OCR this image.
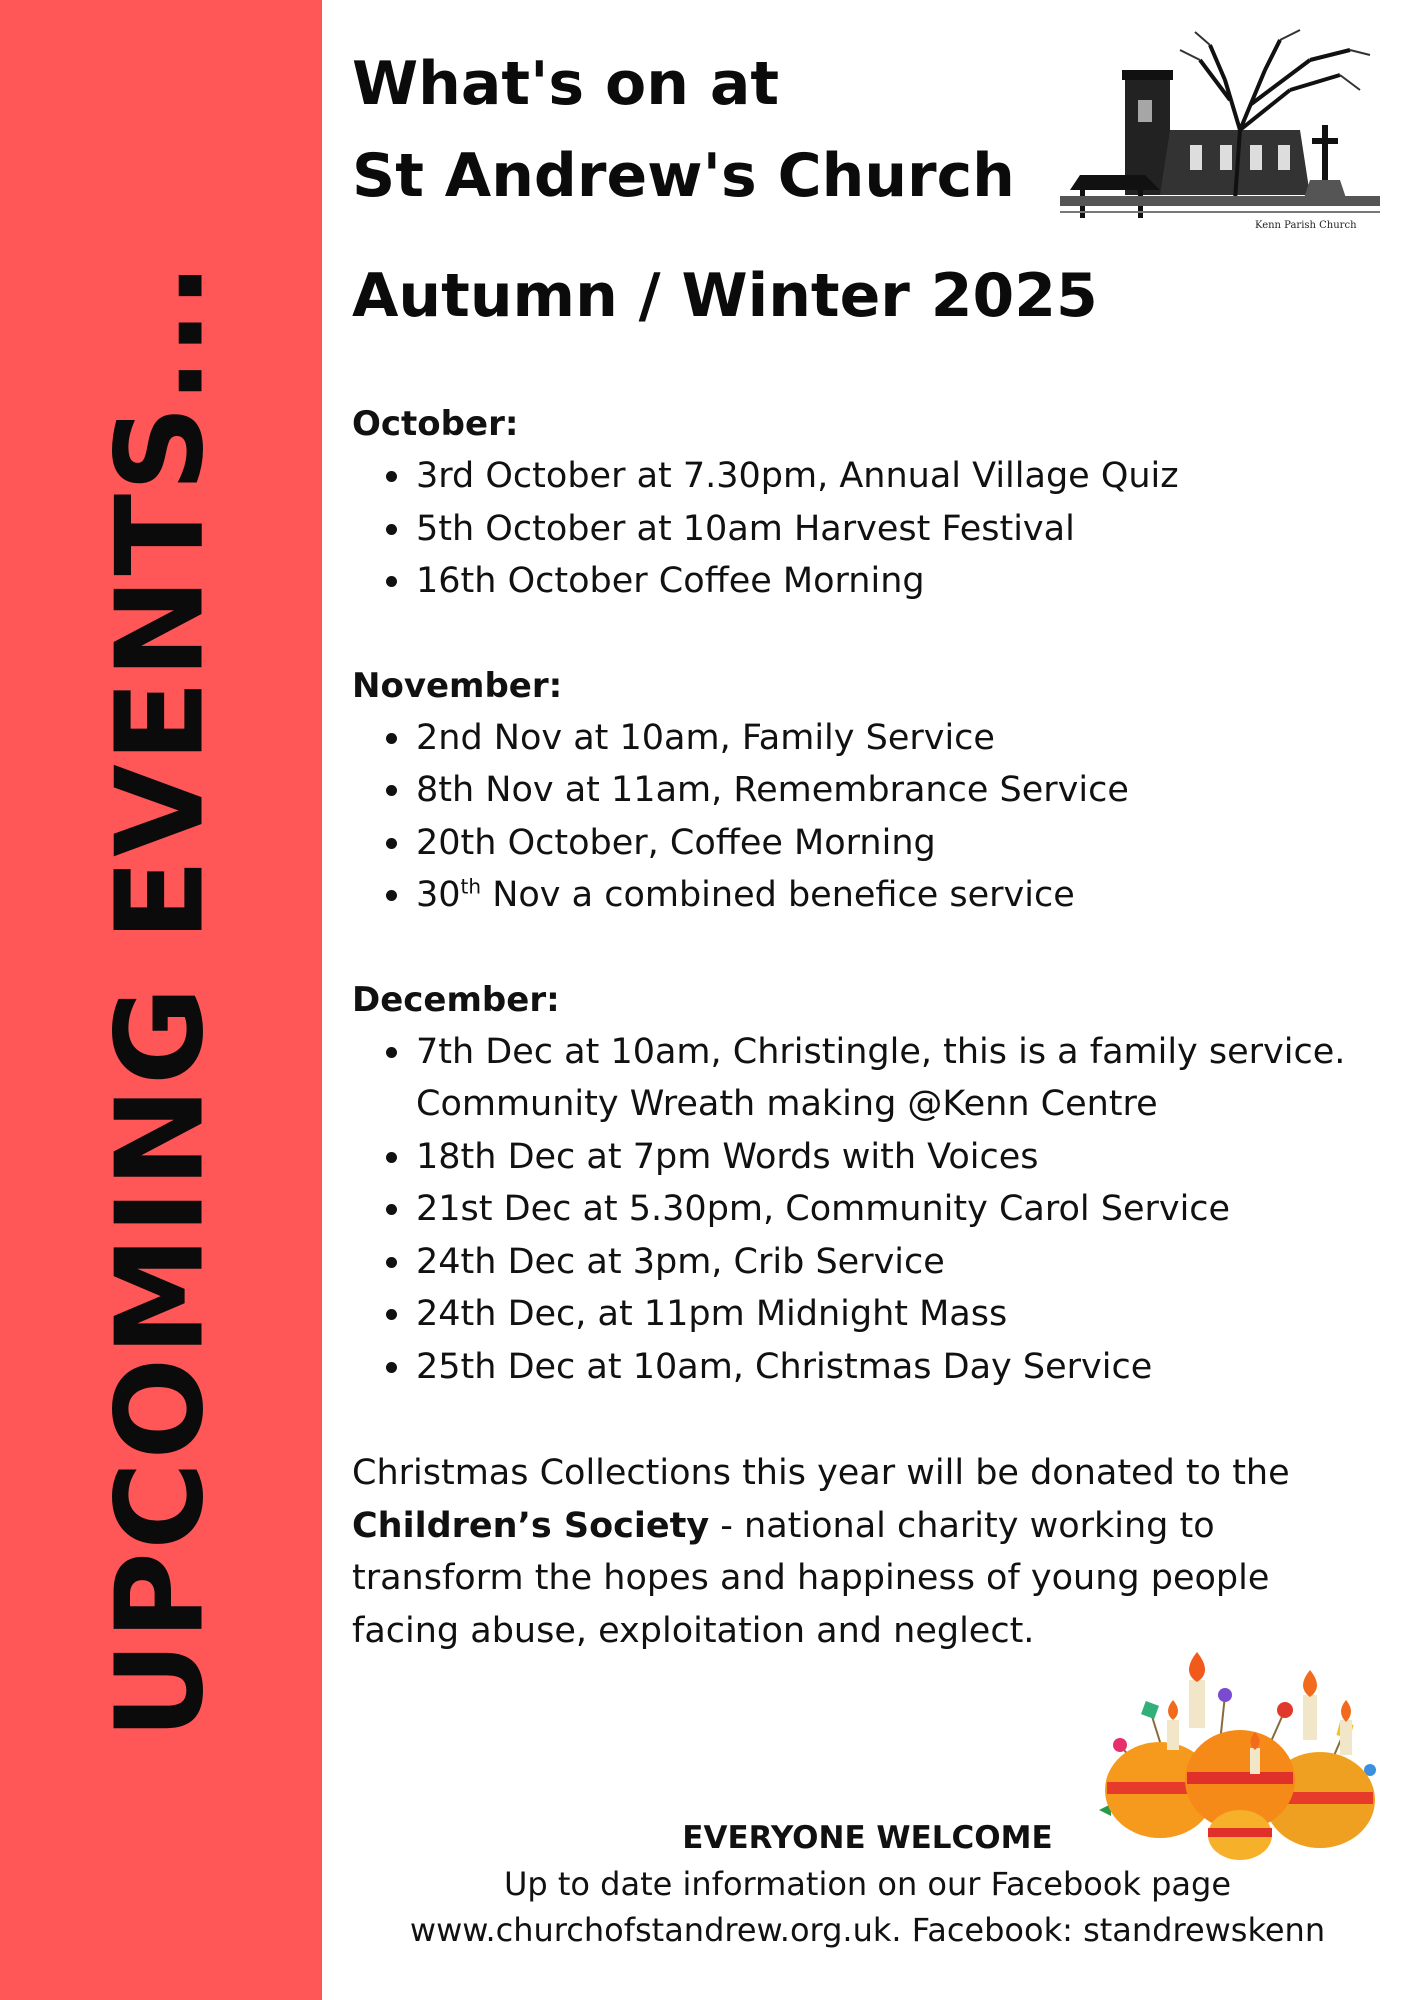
UPCOMING EVENTS...
What's on at
St Andrew's Church
Kenn Parish Church
Autumn / Winter 2025
October:
3rd October at 7.30pm, Annual Village Quiz
5th October at 10am Harvest Festival
16th October Coffee Morning
November:
2nd Nov at 10am, Family Service
8th Nov at 11am, Remembrance Service
20th October, Coffee Morning
30th Nov a combined benefice service
December:
7th Dec at 10am, Christingle, this is a family service.
Community Wreath making @Kenn Centre
18th Dec at 7pm Words with Voices
21st Dec at 5.30pm, Community Carol Service
24th Dec at 3pm, Crib Service
24th Dec, at 11pm Midnight Mass
25th Dec at 10am, Christmas Day Service

Christmas Collections this year will be donated to the
Children’s Society - national charity working to
transform the hopes and happiness of young people
facing abuse, exploitation and neglect.

EVERYONE WELCOME
Up to date information on our Facebook page
www.churchofstandrew.org.uk. Facebook: standrewskenn
